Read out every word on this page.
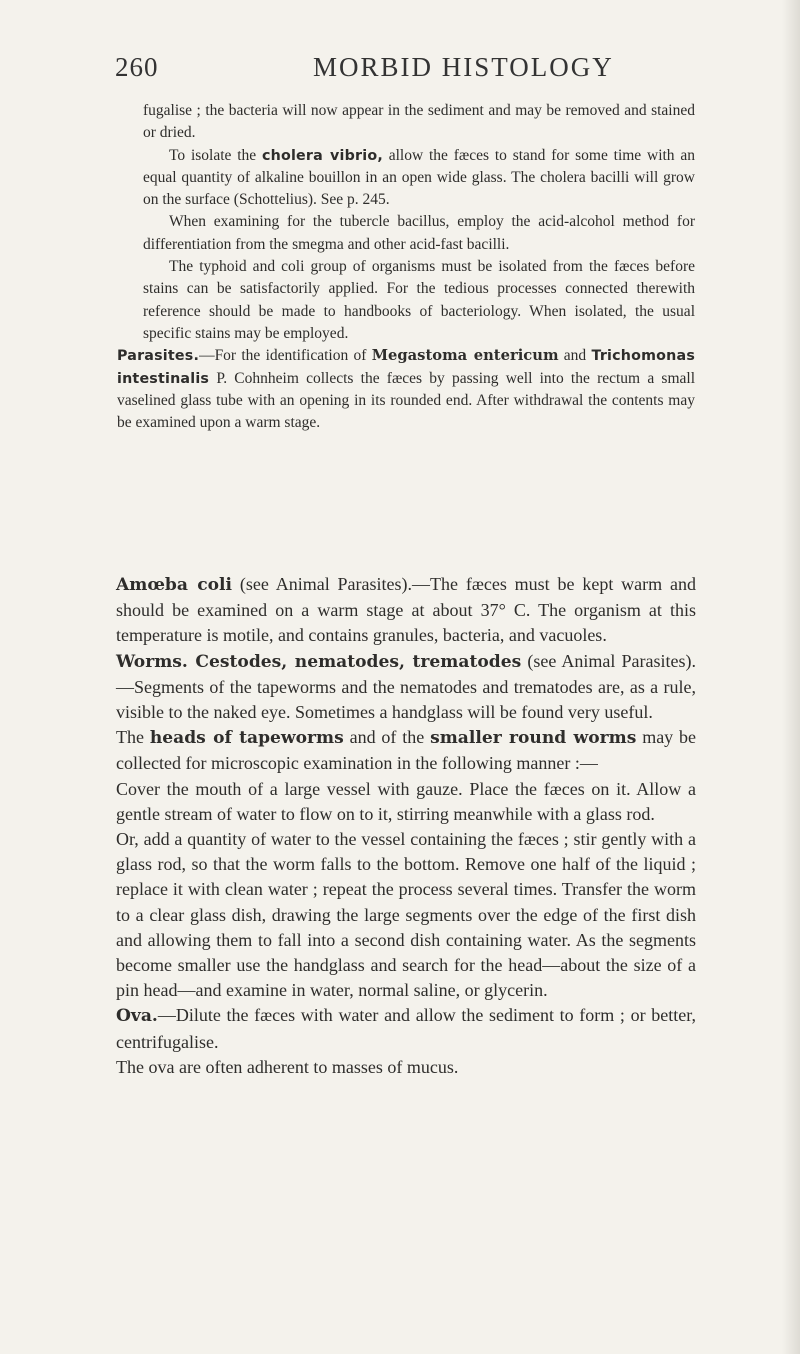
260	MORBID HISTOLOGY

fugalise ; the bacteria will now appear in the sediment and may be removed and stained or dried.

To isolate the cholera vibrio, allow the fæces to stand for some time with an equal quantity of alkaline bouillon in an open wide glass. The cholera bacilli will grow on the surface (Schottelius). See p. 245.

When examining for the tubercle bacillus, employ the acid-alcohol method for differentiation from the smegma and other acid-fast bacilli.

The typhoid and coli group of organisms must be isolated from the fæces before stains can be satisfactorily applied. For the tedious processes connected therewith reference should be made to handbooks of bacteriology. When isolated, the usual specific stains may be employed.

Parasites.—For the identification of Megastoma entericum and Trichomonas intestinalis P. Cohnheim collects the fæces by passing well into the rectum a small vaselined glass tube with an opening in its rounded end. After withdrawal the contents may be examined upon a warm stage.

Amœba coli (see Animal Parasites).—The fæces must be kept warm and should be examined on a warm stage at about 37° C. The organism at this temperature is motile, and contains granules, bacteria, and vacuoles.

Worms. Cestodes, nematodes, trematodes (see Animal Parasites).—Segments of the tapeworms and the nematodes and trematodes are, as a rule, visible to the naked eye. Sometimes a handglass will be found very useful.

The heads of tapeworms and of the smaller round worms may be collected for microscopic examination in the following manner :—

Cover the mouth of a large vessel with gauze. Place the fæces on it. Allow a gentle stream of water to flow on to it, stirring meanwhile with a glass rod.

Or, add a quantity of water to the vessel containing the fæces ; stir gently with a glass rod, so that the worm falls to the bottom. Remove one half of the liquid ; replace it with clean water ; repeat the process several times. Transfer the worm to a clear glass dish, drawing the large segments over the edge of the first dish and allowing them to fall into a second dish containing water. As the segments become smaller use the handglass and search for the head—about the size of a pin head—and examine in water, normal saline, or glycerin.

Ova.—Dilute the fæces with water and allow the sediment to form ; or better, centrifugalise.

The ova are often adherent to masses of mucus.
